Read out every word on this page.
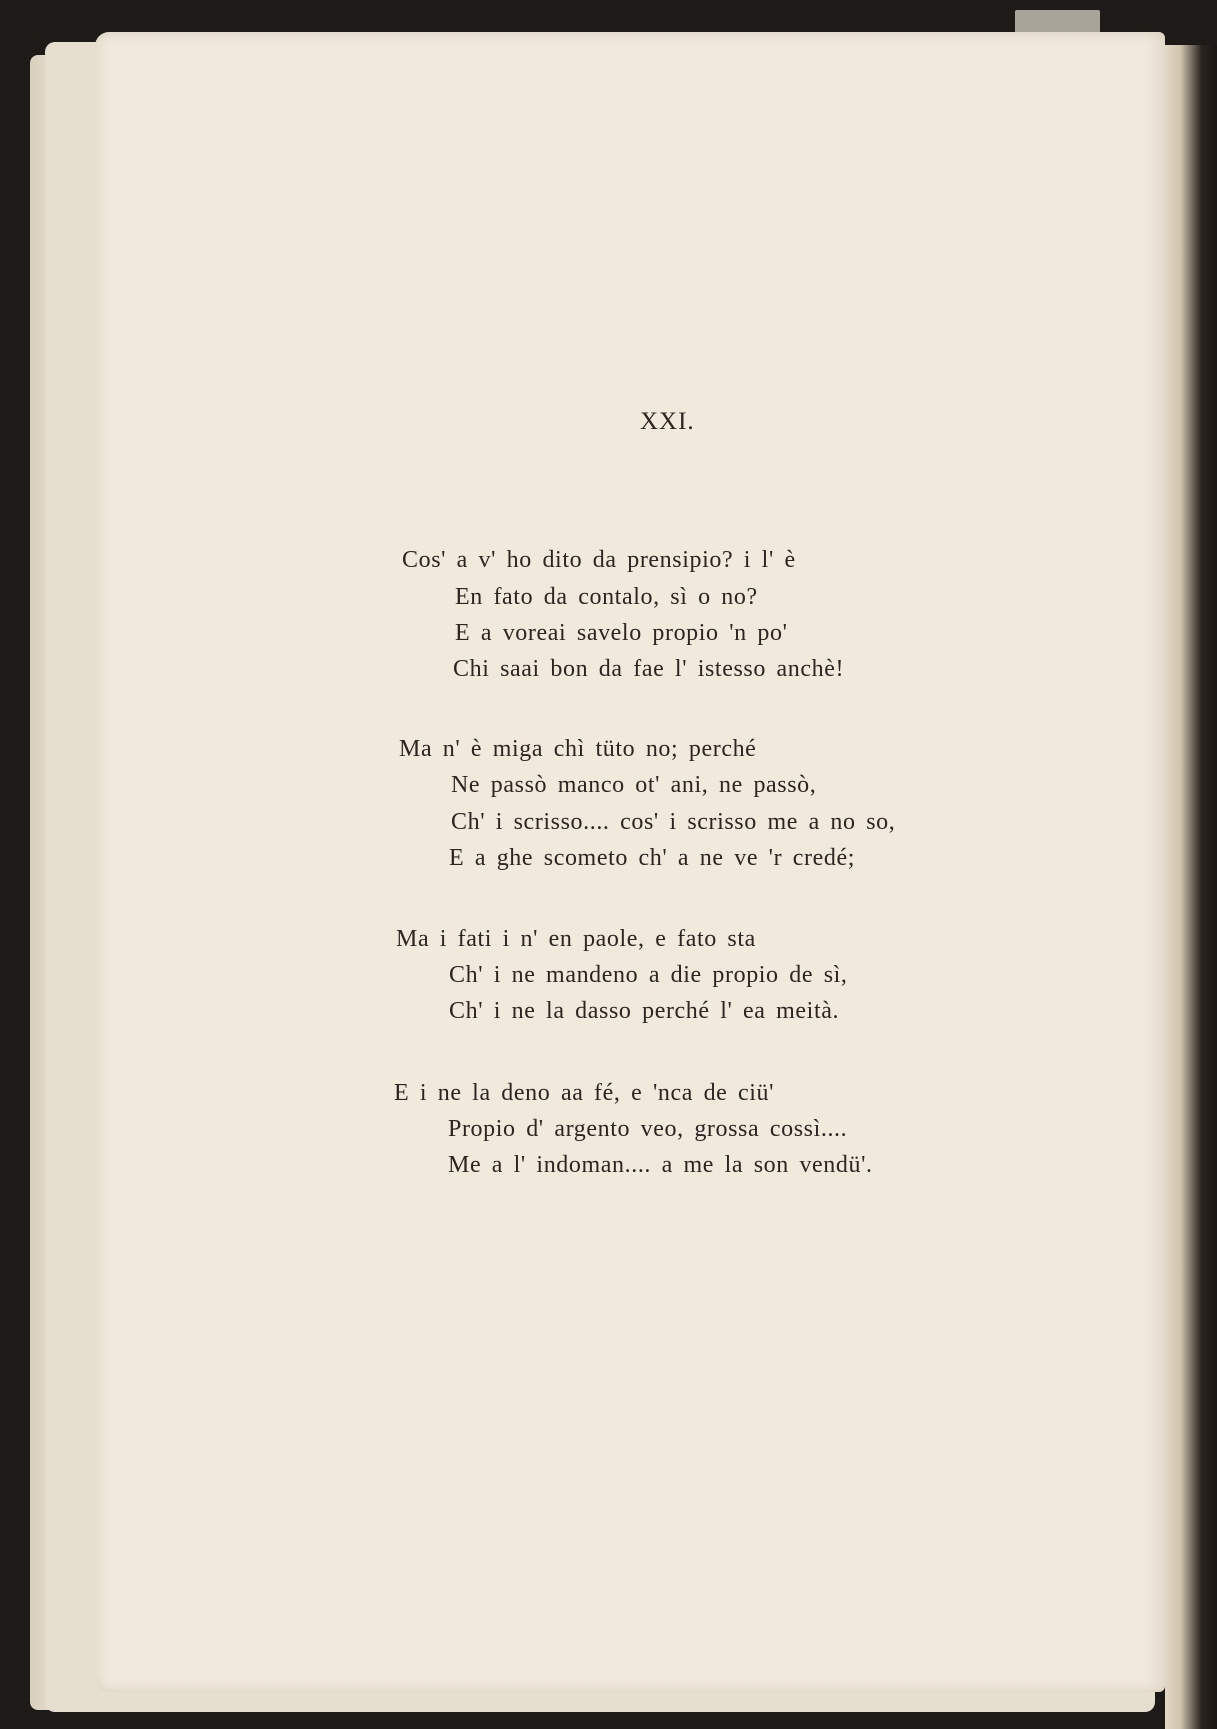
XXI.
Cos' a v' ho dito da prensipio? i l' è
En fato da contalo, sì o no?
E a voreai savelo propio 'n po'
Chi saai bon da fae l' istesso anchè!
Ma n' è miga chì tüto no; perché
Ne passò manco ot' ani, ne passò,
Ch' i scrisso.... cos' i scrisso me a no so,
E a ghe scometo ch' a ne ve 'r credé;
Ma i fati i n' en paole, e fato sta
Ch' i ne mandeno a die propio de sì,
Ch' i ne la dasso perché l' ea meità.
E i ne la deno aa fé, e 'nca de ciü'
Propio d' argento veo, grossa cossì....
Me a l' indoman.... a me la son vendü'.
